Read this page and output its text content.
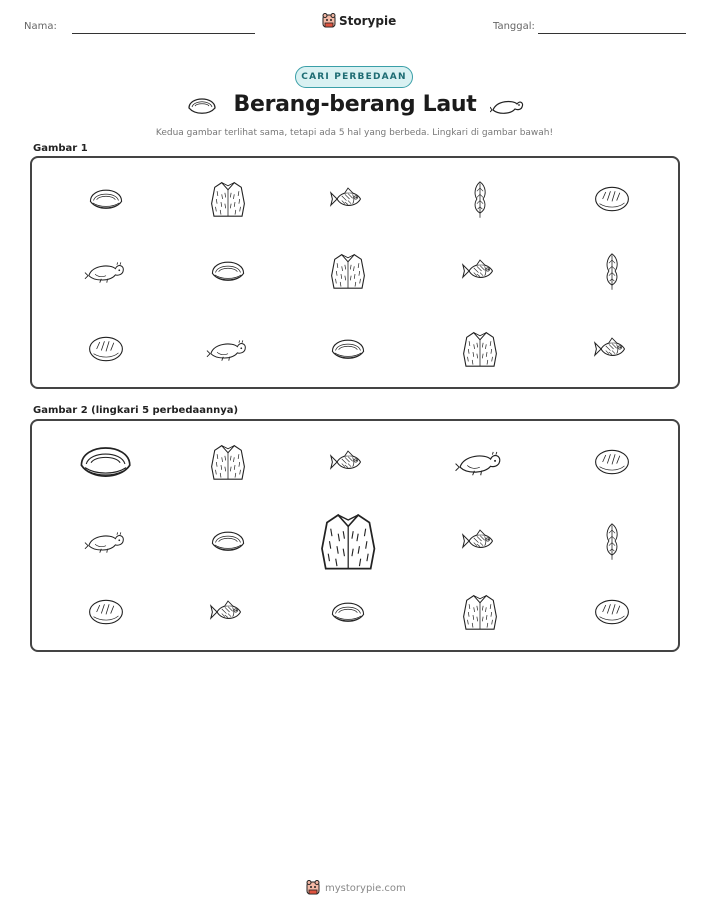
Nama:	Storypie	Tanggal:
CARI PERBEDAAN
Berang-berang Laut
Kedua gambar terlihat sama, tetapi ada 5 hal yang berbeda. Lingkari di gambar bawah!
Gambar 1
Gambar 2 (lingkari 5 perbedaannya)
mystorypie.com
